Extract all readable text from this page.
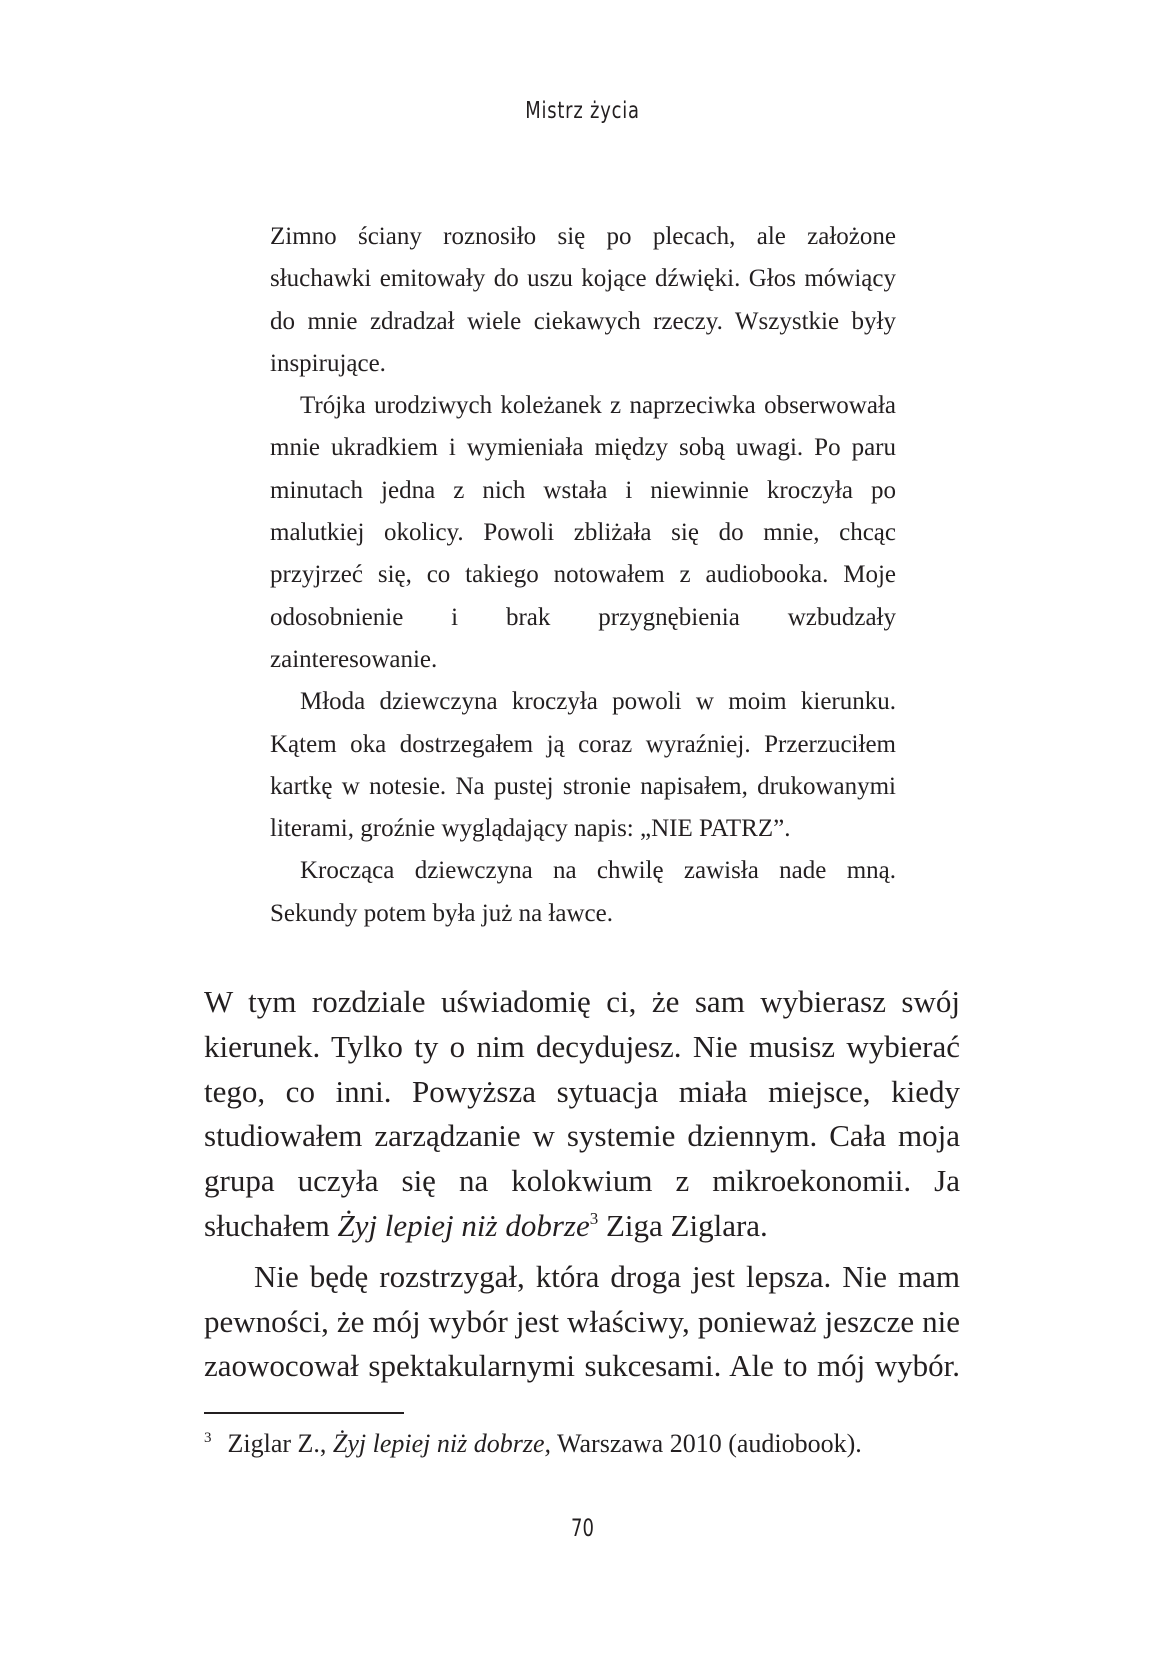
Mistrz życia

Zimno ściany roznosiło się po plecach, ale założone słuchawki emitowały do uszu kojące dźwięki. Głos mówiący do mnie zdradzał wiele ciekawych rzeczy. Wszystkie były inspirujące.

Trójka urodziwych koleżanek z naprzeciwka obserwowała mnie ukradkiem i wymieniała między sobą uwagi. Po paru minutach jedna z nich wstała i niewinnie kroczyła po malutkiej okolicy. Powoli zbliżała się do mnie, chcąc przyjrzeć się, co takiego notowałem z audiobooka. Moje odosobnienie i brak przygnębienia wzbudzały zainteresowanie.

Młoda dziewczyna kroczyła powoli w moim kierunku. Kątem oka dostrzegałem ją coraz wyraźniej. Przerzuciłem kartkę w notesie. Na pustej stronie napisałem, drukowanymi literami, groźnie wyglądający napis: „NIE PATRZ”.

Krocząca dziewczyna na chwilę zawisła nade mną. Sekundy potem była już na ławce.

W tym rozdziale uświadomię ci, że sam wybierasz swój kierunek. Tylko ty o nim decydujesz. Nie musisz wybierać tego, co inni. Powyższa sytuacja miała miejsce, kiedy studiowałem zarządzanie w systemie dziennym. Cała moja grupa uczyła się na kolokwium z mikroekonomii. Ja słuchałem Żyj lepiej niż dobrze$^3$ Ziga Ziglara.

Nie będę rozstrzygał, która droga jest lepsza. Nie mam pewności, że mój wybór jest właściwy, ponieważ jeszcze nie zaowocował spektakularnymi sukcesami. Ale to mój wybór.

$^3$ Ziglar Z., Żyj lepiej niż dobrze, Warszawa 2010 (audiobook).

70
